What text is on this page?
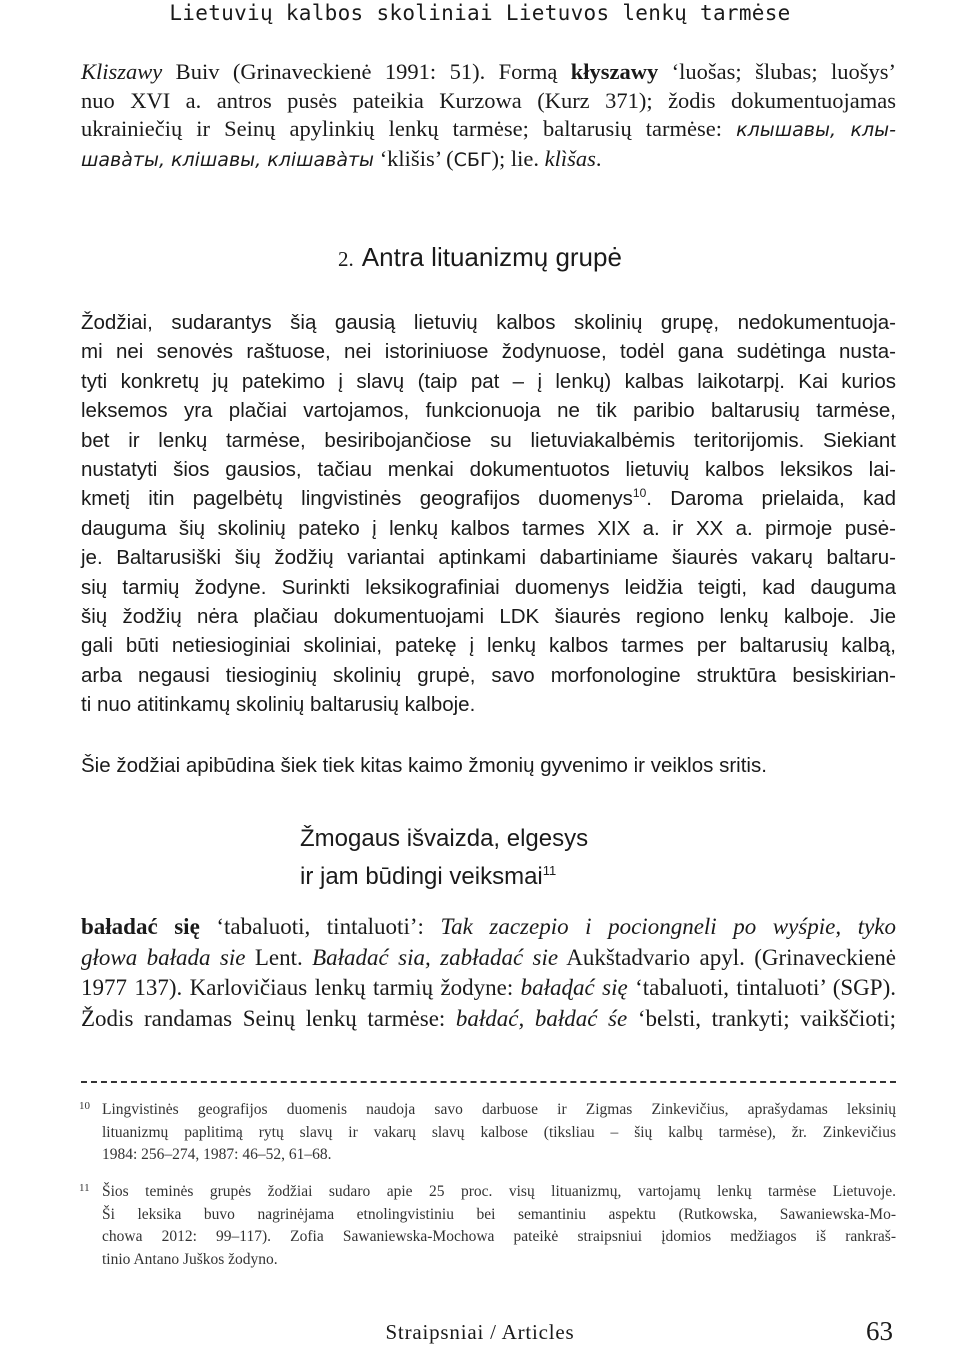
Lietuvių kalbos skoliniai Lietuvos lenkų tarmėse

Kliszawy Buiv (Grinaveckienė 1991: 51). Formą kłyszawy ‘luošas; šlubas; luošys’
nuo XVI a. antros pusės pateikia Kurzowa (Kurz 371); žodis dokumentuojamas
ukrainiečių ir Seinų apylinkių lenkų tarmėse; baltarusių tarmėse: клышавы, клы-
шавàты, клішавы, клішавàты ‘klišis’ (СБГ); lie. klìšas.

2. Antra lituanizmų grupė

Žodžiai, sudarantys šią gausią lietuvių kalbos skolinių grupę, nedokumentuoja-
mi nei senovės raštuose, nei istoriniuose žodynuose, todėl gana sudėtinga nusta-
tyti konkretų jų patekimo į slavų (taip pat – į lenkų) kalbas laikotarpį. Kai kurios
leksemos yra plačiai vartojamos, funkcionuoja ne tik paribio baltarusių tarmėse,
bet ir lenkų tarmėse, besiribojančiose su lietuviakalbėmis teritorijomis. Siekiant
nustatyti šios gausios, tačiau menkai dokumentuotos lietuvių kalbos leksikos lai-
kmetį itin pagelbėtų lingvistinės geografijos duomenys$^{10}$. Daroma prielaida, kad
dauguma šių skolinių pateko į lenkų kalbos tarmes XIX a. ir XX a. pirmoje pusė-
je. Baltarusiški šių žodžių variantai aptinkami dabartiniame šiaurės vakarų baltaru-
sių tarmių žodyne. Surinkti leksikografiniai duomenys leidžia teigti, kad dauguma
šių žodžių nėra plačiau dokumentuojami LDK šiaurės regiono lenkų kalboje. Jie
gali būti netiesioginiai skoliniai, patekę į lenkų kalbos tarmes per baltarusių kalbą,
arba negausi tiesioginių skolinių grupė, savo morfonologine struktūra besiskirian-
ti nuo atitinkamų skolinių baltarusių kalboje.

Šie žodžiai apibūdina šiek tiek kitas kaimo žmonių gyvenimo ir veiklos sritis.

Žmogaus išvaizda, elgesys
ir jam būdingi veiksmai$^{11}$

baładać się ‘tabaluoti, tintaluoti’: Tak zaczepio i pociongneli po wyśpie, tyko
głowa bałada sie Lent. Baładać sia, zabładać sie Aukštadvario apyl. (Grinaveckienė
1977 137). Karlovičiaus lenkų tarmių žodyne: bałaɖać się ‘tabaluoti, tintaluoti’ (SGP).
Žodis randamas Seinų lenkų tarmėse: bałdać, bałdać śe ‘belsti, trankyti; vaikščioti;

10 Lingvistinės geografijos duomenis naudoja savo darbuose ir Zigmas Zinkevičius, aprašydamas leksinių
lituanizmų paplitimą rytų slavų ir vakarų slavų kalbose (tiksliau – šių kalbų tarmėse), žr. Zinkevičius
1984: 256–274, 1987: 46–52, 61–68.

11 Šios teminės grupės žodžiai sudaro apie 25 proc. visų lituanizmų, vartojamų lenkų tarmėse Lietuvoje.
Ši leksika buvo nagrinėjama etnolingvistiniu bei semantiniu aspektu (Rutkowska, Sawaniewska-Mo-
chowa 2012: 99–117). Zofia Sawaniewska-Mochowa pateikė straipsniui įdomios medžiagos iš rankraš-
tinio Antano Juškos žodyno.

Straipsniai / Articles	63
